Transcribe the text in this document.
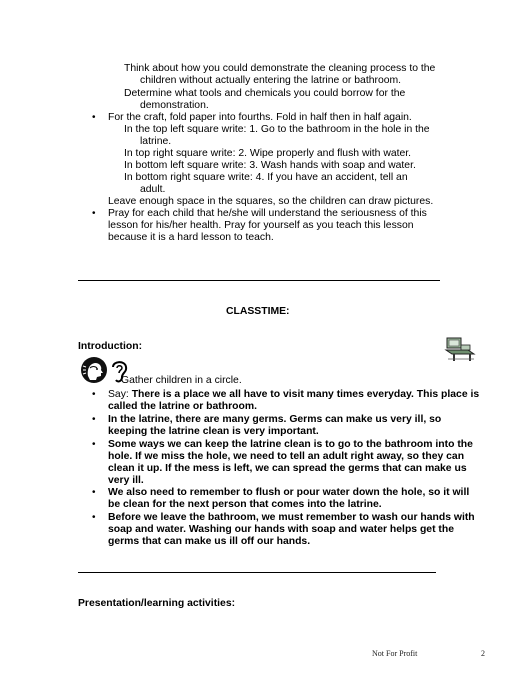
Think about how you could demonstrate the cleaning process to the
children without actually entering the latrine or bathroom.
Determine what tools and chemicals you could borrow for the
demonstration.
• For the craft, fold paper into fourths. Fold in half then in half again.
In the top left square write: 1. Go to the bathroom in the hole in the
latrine.
In top right square write: 2. Wipe properly and flush with water.
In bottom left square write: 3. Wash hands with soap and water.
In bottom right square write: 4. If you have an accident, tell an
adult.
Leave enough space in the squares, so the children can draw pictures.
• Pray for each child that he/she will understand the seriousness of this
lesson for his/her health. Pray for yourself as you teach this lesson
because it is a hard lesson to teach.
CLASSTIME:
Introduction:
Gather children in a circle.
• Say: There is a place we all have to visit many times everyday. This place is
called the latrine or bathroom.
• In the latrine, there are many germs. Germs can make us very ill, so
keeping the latrine clean is very important.
• Some ways we can keep the latrine clean is to go to the bathroom into the
hole. If we miss the hole, we need to tell an adult right away, so they can
clean it up. If the mess is left, we can spread the germs that can make us
very ill.
• We also need to remember to flush or pour water down the hole, so it will
be clean for the next person that comes into the latrine.
• Before we leave the bathroom, we must remember to wash our hands with
soap and water. Washing our hands with soap and water helps get the
germs that can make us ill off our hands.
Presentation/learning activities:
Not For Profit	2
